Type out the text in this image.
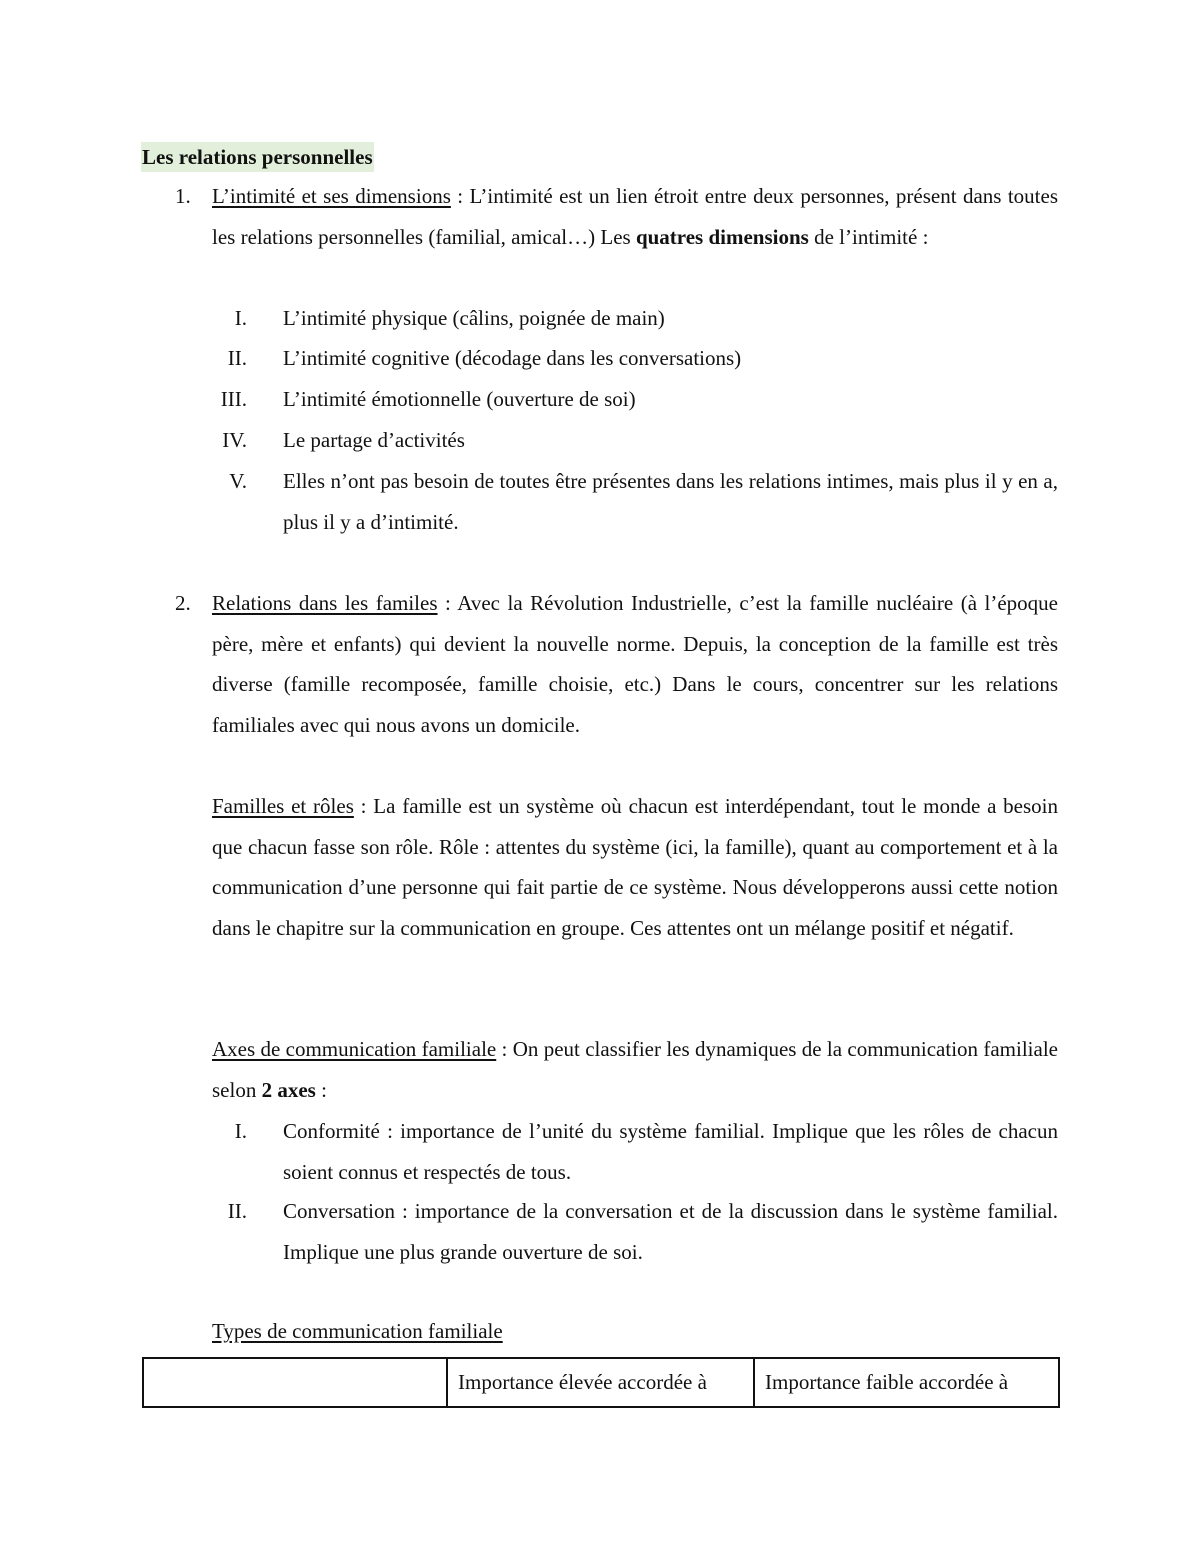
Les relations personnelles
1. L’intimité et ses dimensions : L’intimité est un lien étroit entre deux personnes, présent dans toutes les relations personnelles (familial, amical…) Les quatres dimensions de l’intimité :
I. L’intimité physique (câlins, poignée de main)
II. L’intimité cognitive (décodage dans les conversations)
III. L’intimité émotionnelle (ouverture de soi)
IV. Le partage d’activités
V. Elles n’ont pas besoin de toutes être présentes dans les relations intimes, mais plus il y en a, plus il y a d’intimité.
2. Relations dans les familes : Avec la Révolution Industrielle, c’est la famille nucléaire (à l’époque père, mère et enfants) qui devient la nouvelle norme. Depuis, la conception de la famille est très diverse (famille recomposée, famille choisie, etc.) Dans le cours, concentrer sur les relations familiales avec qui nous avons un domicile.
Familles et rôles : La famille est un système où chacun est interdépendant, tout le monde a besoin que chacun fasse son rôle. Rôle : attentes du système (ici, la famille), quant au comportement et à la communication d’une personne qui fait partie de ce système. Nous développerons aussi cette notion dans le chapitre sur la communication en groupe. Ces attentes ont un mélange positif et négatif.
Axes de communication familiale : On peut classifier les dynamiques de la communication familiale selon 2 axes :
I. Conformité : importance de l’unité du système familial. Implique que les rôles de chacun soient connus et respectés de tous.
II. Conversation : importance de la conversation et de la discussion dans le système familial. Implique une plus grande ouverture de soi.
Types de communication familiale
	Importance élevée accordée à	Importance faible accordée à
